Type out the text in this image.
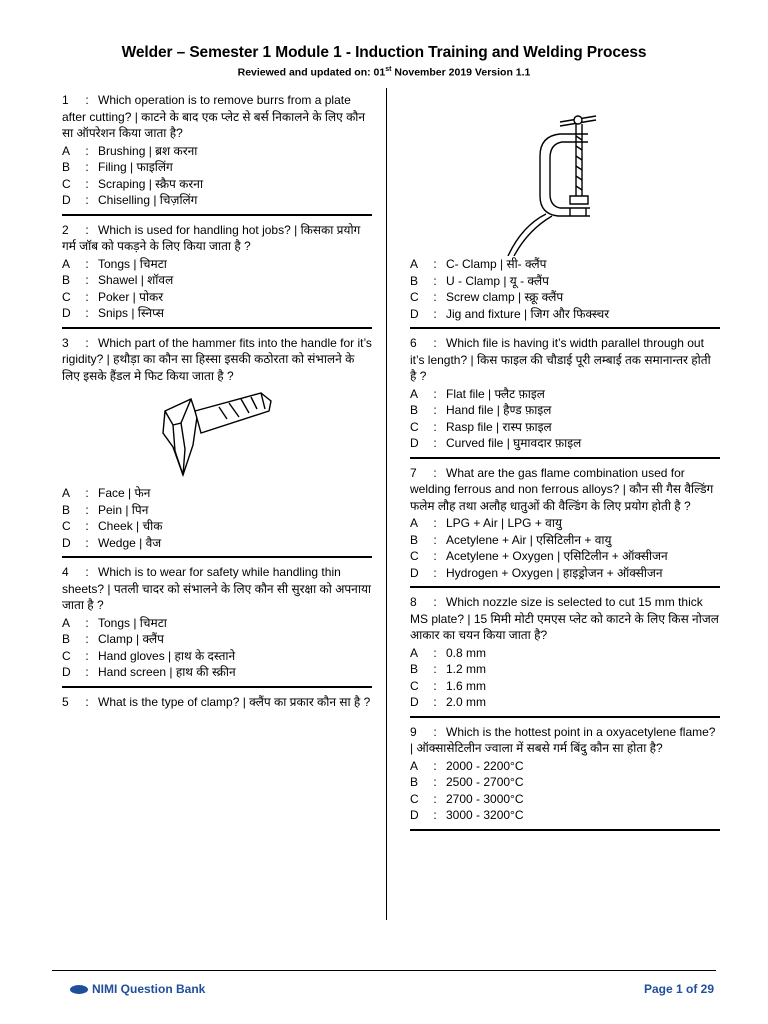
Welder – Semester 1 Module 1 - Induction Training and Welding Process
Reviewed and updated on: 01st November 2019 Version 1.1
1 : Which operation is to remove burrs from a plate after cutting? | काटने के बाद एक प्लेट से बर्स निकालने के लिए कौन सा ऑपरेशन किया जाता है?
A : Brushing | ब्रश करना
B : Filing | फाइलिंग
C : Scraping | स्क्रैप करना
D : Chiselling | चिज़लिंग
2 : Which is used for handling hot jobs? | किसका प्रयोग गर्म जॉब को पकड़ने के लिए किया जाता है ?
A : Tongs | चिमटा
B : Shawel | शॉवल
C : Poker | पोकर
D : Snips | स्निप्स
3 : Which part of the hammer fits into the handle for it’s rigidity? | हथौड़ा का कौन सा हिस्सा इसकी कठोरता को संभालने के लिए इसके हैंडल मे फिट किया जाता है ?
A : Face | फेन
B : Pein | पिन
C : Cheek | चीक
D : Wedge | वैज
4 : Which is to wear for safety while handling thin sheets? | पतली चादर को संभालने के लिए कौन सी सुरक्षा को अपनाया जाता है ?
A : Tongs | चिमटा
B : Clamp | क्लैंप
C : Hand gloves | हाथ के दस्ताने
D : Hand screen | हाथ की स्क्रीन
5 : What is the type of clamp? | क्लैंप का प्रकार कौन सा है ?
A : C- Clamp | सी- क्लैंप
B : U - Clamp | यू - क्लैंप
C : Screw clamp | स्क्रू क्लैंप
D : Jig and fixture | जिग और फिक्स्चर
6 : Which file is having it’s width parallel through out it’s length? | किस फाइल की चौडाई पूरी लम्बाई तक समानान्तर होती है ?
A : Flat file | फ्लैट फ़ाइल
B : Hand file | हैण्ड फ़ाइल
C : Rasp file | रास्प फ़ाइल
D : Curved file | घुमावदार फ़ाइल
7 : What are the gas flame combination used for welding ferrous and non ferrous alloys? | कौन सी गैस वैल्डिंग फलेम लौह तथा अलौह धातुओं की वैल्डिंग के लिए प्रयोग होती है ?
A : LPG + Air | LPG + वायु
B : Acetylene + Air | एसिटिलीन + वायु
C : Acetylene + Oxygen | एसिटिलीन + ऑक्सीजन
D : Hydrogen + Oxygen | हाइड्रोजन + ऑक्सीजन
8 : Which nozzle size is selected to cut 15 mm thick MS plate? | 15 मिमी मोटी एमएस प्लेट को काटने के लिए किस नोजल आकार का चयन किया जाता है?
A : 0.8 mm
B : 1.2 mm
C : 1.6 mm
D : 2.0 mm
9 : Which is the hottest point in a oxyacetylene flame? | ऑक्सासेटिलीन ज्वाला में सबसे गर्म बिंदु कौन सा होता है?
A : 2000 - 2200°C
B : 2500 - 2700°C
C : 2700 - 3000°C
D : 3000 - 3200°C
NIMI Question Bank	Page 1 of 29
